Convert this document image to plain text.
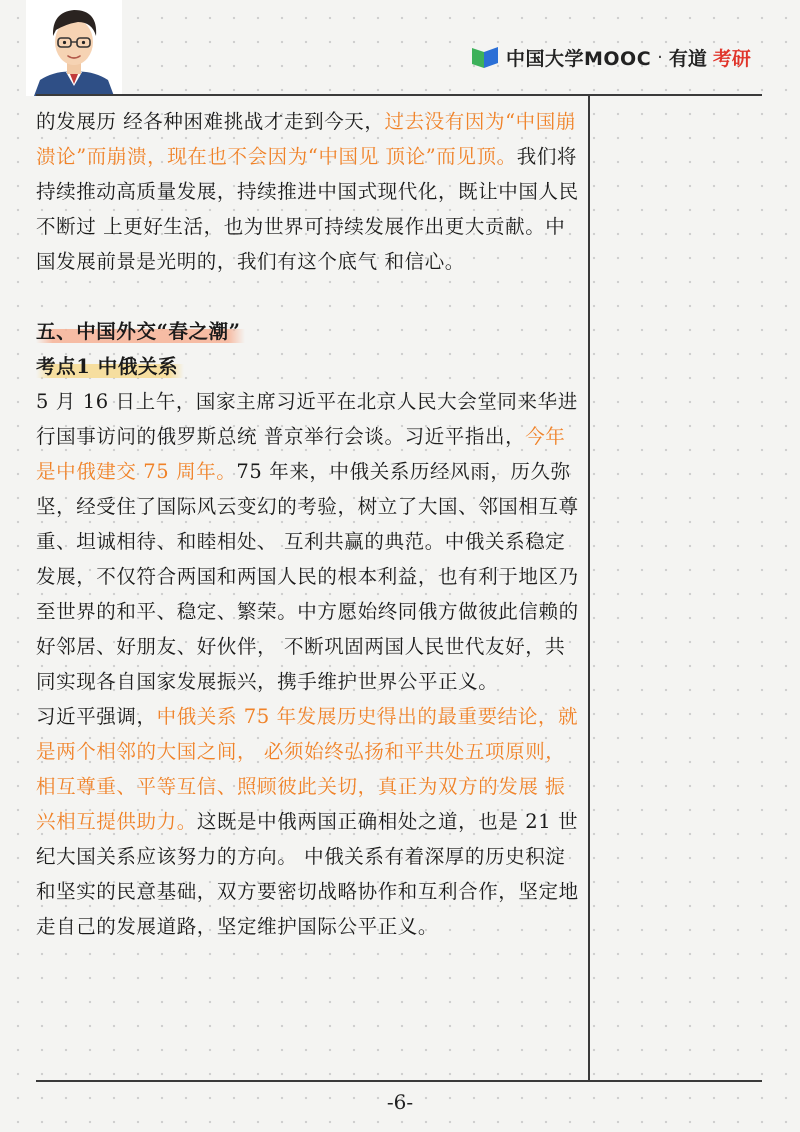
中国大学MOOC · 有道 考研

的发展历 经各种困难挑战才走到今天，过去没有因为“中国崩溃论”而崩溃，现在也不会因为“中国见 顶论”而见顶。我们将持续推动高质量发展，持续推进中国式现代化，既让中国人民不断过 上更好生活，也为世界可持续发展作出更大贡献。中国发展前景是光明的，我们有这个底气 和信心。

五、中国外交“春之潮”

考点1 中俄关系

5 月 16 日上午，国家主席习近平在北京人民大会堂同来华进行国事访问的俄罗斯总统 普京举行会谈。习近平指出，今年是中俄建交 75 周年。75 年来，中俄关系历经风雨，历久弥坚，经受住了国际风云变幻的考验，树立了大国、邻国相互尊重、坦诚相待、和睦相处、 互利共赢的典范。中俄关系稳定发展，不仅符合两国和两国人民的根本利益，也有利于地区乃至世界的和平、稳定、繁荣。中方愿始终同俄方做彼此信赖的好邻居、好朋友、好伙伴， 不断巩固两国人民世代友好，共同实现各自国家发展振兴，携手维护世界公平正义。

习近平强调，中俄关系 75 年发展历史得出的最重要结论，就是两个相邻的大国之间， 必须始终弘扬和平共处五项原则，相互尊重、平等互信、照顾彼此关切，真正为双方的发展 振兴相互提供助力。这既是中俄两国正确相处之道，也是 21 世纪大国关系应该努力的方向。 中俄关系有着深厚的历史积淀和坚实的民意基础，双方要密切战略协作和互利合作，坚定地走自己的发展道路，坚定维护国际公平正义。

-6-
